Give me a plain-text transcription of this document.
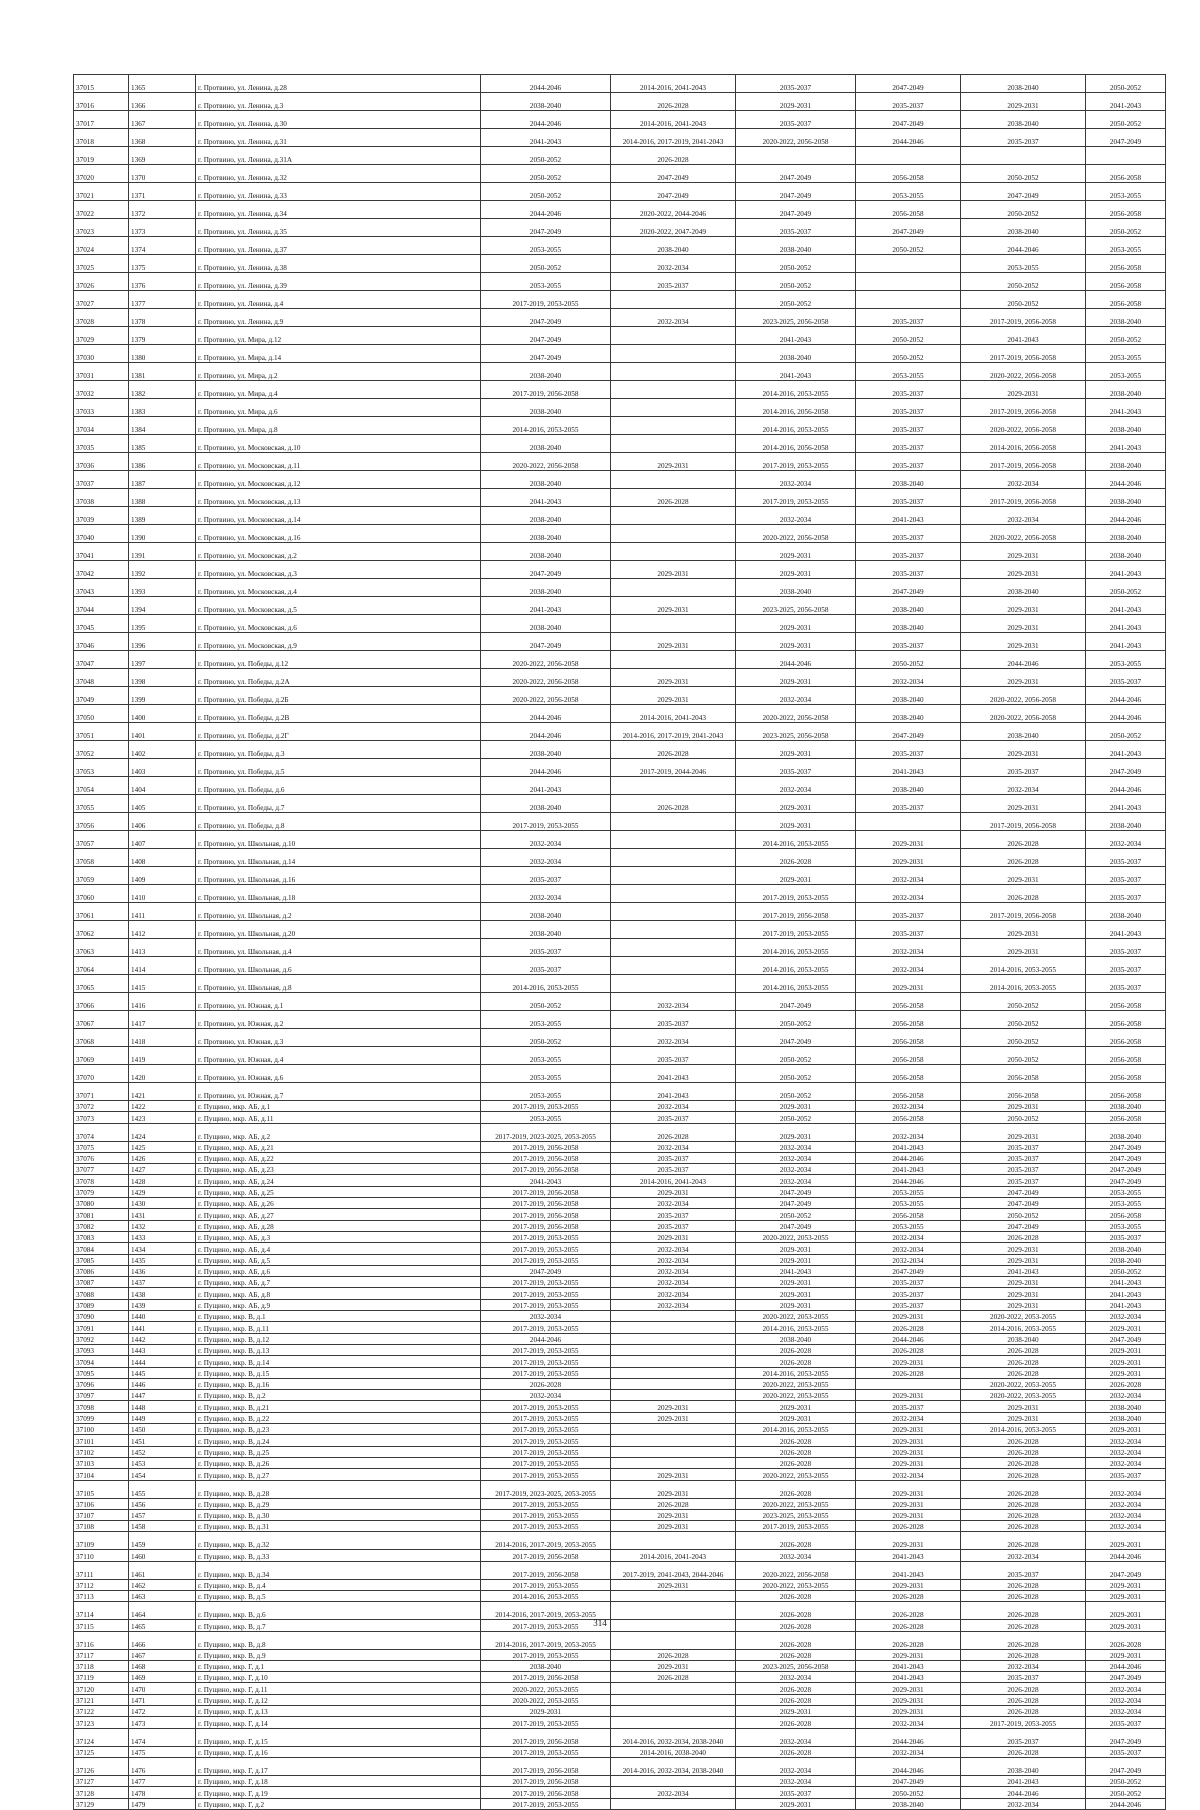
37015	1365	г. Протвино, ул. Ленина, д.28	2044-2046	2014-2016, 2041-2043	2035-2037	2047-2049	2038-2040	2050-2052
37016	1366	г. Протвино, ул. Ленина, д.3	2038-2040	2026-2028	2029-2031	2035-2037	2029-2031	2041-2043
37017	1367	г. Протвино, ул. Ленина, д.30	2044-2046	2014-2016, 2041-2043	2035-2037	2047-2049	2038-2040	2050-2052
37018	1368	г. Протвино, ул. Ленина, д.31	2041-2043	2014-2016, 2017-2019, 2041-2043	2020-2022, 2056-2058	2044-2046	2035-2037	2047-2049
37019	1369	г. Протвино, ул. Ленина, д.31А	2050-2052	2026-2028				
37020	1370	г. Протвино, ул. Ленина, д.32	2050-2052	2047-2049	2047-2049	2056-2058	2050-2052	2056-2058
37021	1371	г. Протвино, ул. Ленина, д.33	2050-2052	2047-2049	2047-2049	2053-2055	2047-2049	2053-2055
37022	1372	г. Протвино, ул. Ленина, д.34	2044-2046	2020-2022, 2044-2046	2047-2049	2056-2058	2050-2052	2056-2058
37023	1373	г. Протвино, ул. Ленина, д.35	2047-2049	2020-2022, 2047-2049	2035-2037	2047-2049	2038-2040	2050-2052
37024	1374	г. Протвино, ул. Ленина, д.37	2053-2055	2038-2040	2038-2040	2050-2052	2044-2046	2053-2055
37025	1375	г. Протвино, ул. Ленина, д.38	2050-2052	2032-2034	2050-2052		2053-2055	2056-2058
37026	1376	г. Протвино, ул. Ленина, д.39	2053-2055	2035-2037	2050-2052		2050-2052	2056-2058
37027	1377	г. Протвино, ул. Ленина, д.4	2017-2019, 2053-2055		2050-2052		2050-2052	2056-2058
37028	1378	г. Протвино, ул. Ленина, д.9	2047-2049	2032-2034	2023-2025, 2056-2058	2035-2037	2017-2019, 2056-2058	2038-2040
37029	1379	г. Протвино, ул. Мира, д.12	2047-2049		2041-2043	2050-2052	2041-2043	2050-2052
37030	1380	г. Протвино, ул. Мира, д.14	2047-2049		2038-2040	2050-2052	2017-2019, 2056-2058	2053-2055
37031	1381	г. Протвино, ул. Мира, д.2	2038-2040		2041-2043	2053-2055	2020-2022, 2056-2058	2053-2055
37032	1382	г. Протвино, ул. Мира, д.4	2017-2019, 2056-2058		2014-2016, 2053-2055	2035-2037	2029-2031	2038-2040
37033	1383	г. Протвино, ул. Мира, д.6	2038-2040		2014-2016, 2056-2058	2035-2037	2017-2019, 2056-2058	2041-2043
37034	1384	г. Протвино, ул. Мира, д.8	2014-2016, 2053-2055		2014-2016, 2053-2055	2035-2037	2020-2022, 2056-2058	2038-2040
37035	1385	г. Протвино, ул. Московская, д.10	2038-2040		2014-2016, 2056-2058	2035-2037	2014-2016, 2056-2058	2041-2043
37036	1386	г. Протвино, ул. Московская, д.11	2020-2022, 2056-2058	2029-2031	2017-2019, 2053-2055	2035-2037	2017-2019, 2056-2058	2038-2040
37037	1387	г. Протвино, ул. Московская, д.12	2038-2040		2032-2034	2038-2040	2032-2034	2044-2046
37038	1388	г. Протвино, ул. Московская, д.13	2041-2043	2026-2028	2017-2019, 2053-2055	2035-2037	2017-2019, 2056-2058	2038-2040
37039	1389	г. Протвино, ул. Московская, д.14	2038-2040		2032-2034	2041-2043	2032-2034	2044-2046
37040	1390	г. Протвино, ул. Московская, д.16	2038-2040		2020-2022, 2056-2058	2035-2037	2020-2022, 2056-2058	2038-2040
37041	1391	г. Протвино, ул. Московская, д.2	2038-2040		2029-2031	2035-2037	2029-2031	2038-2040
37042	1392	г. Протвино, ул. Московская, д.3	2047-2049	2029-2031	2029-2031	2035-2037	2029-2031	2041-2043
37043	1393	г. Протвино, ул. Московская, д.4	2038-2040		2038-2040	2047-2049	2038-2040	2050-2052
37044	1394	г. Протвино, ул. Московская, д.5	2041-2043	2029-2031	2023-2025, 2056-2058	2038-2040	2029-2031	2041-2043
37045	1395	г. Протвино, ул. Московская, д.6	2038-2040		2029-2031	2038-2040	2029-2031	2041-2043
37046	1396	г. Протвино, ул. Московская, д.9	2047-2049	2029-2031	2029-2031	2035-2037	2029-2031	2041-2043
37047	1397	г. Протвино, ул. Победы, д.12	2020-2022, 2056-2058		2044-2046	2050-2052	2044-2046	2053-2055
37048	1398	г. Протвино, ул. Победы, д.2А	2020-2022, 2056-2058	2029-2031	2029-2031	2032-2034	2029-2031	2035-2037
37049	1399	г. Протвино, ул. Победы, д.2Б	2020-2022, 2056-2058	2029-2031	2032-2034	2038-2040	2020-2022, 2056-2058	2044-2046
37050	1400	г. Протвино, ул. Победы, д.2В	2044-2046	2014-2016, 2041-2043	2020-2022, 2056-2058	2038-2040	2020-2022, 2056-2058	2044-2046
37051	1401	г. Протвино, ул. Победы, д.2Г	2044-2046	2014-2016, 2017-2019, 2041-2043	2023-2025, 2056-2058	2047-2049	2038-2040	2050-2052
37052	1402	г. Протвино, ул. Победы, д.3	2038-2040	2026-2028	2029-2031	2035-2037	2029-2031	2041-2043
37053	1403	г. Протвино, ул. Победы, д.5	2044-2046	2017-2019, 2044-2046	2035-2037	2041-2043	2035-2037	2047-2049
37054	1404	г. Протвино, ул. Победы, д.6	2041-2043		2032-2034	2038-2040	2032-2034	2044-2046
37055	1405	г. Протвино, ул. Победы, д.7	2038-2040	2026-2028	2029-2031	2035-2037	2029-2031	2041-2043
37056	1406	г. Протвино, ул. Победы, д.8	2017-2019, 2053-2055		2029-2031		2017-2019, 2056-2058	2038-2040
37057	1407	г. Протвино, ул. Школьная, д.10	2032-2034		2014-2016, 2053-2055	2029-2031	2026-2028	2032-2034
37058	1408	г. Протвино, ул. Школьная, д.14	2032-2034		2026-2028	2029-2031	2026-2028	2035-2037
37059	1409	г. Протвино, ул. Школьная, д.16	2035-2037		2029-2031	2032-2034	2029-2031	2035-2037
37060	1410	г. Протвино, ул. Школьная, д.18	2032-2034		2017-2019, 2053-2055	2032-2034	2026-2028	2035-2037
37061	1411	г. Протвино, ул. Школьная, д.2	2038-2040		2017-2019, 2056-2058	2035-2037	2017-2019, 2056-2058	2038-2040
37062	1412	г. Протвино, ул. Школьная, д.20	2038-2040		2017-2019, 2053-2055	2035-2037	2029-2031	2041-2043
37063	1413	г. Протвино, ул. Школьная, д.4	2035-2037		2014-2016, 2053-2055	2032-2034	2029-2031	2035-2037
37064	1414	г. Протвино, ул. Школьная, д.6	2035-2037		2014-2016, 2053-2055	2032-2034	2014-2016, 2053-2055	2035-2037
37065	1415	г. Протвино, ул. Школьная, д.8	2014-2016, 2053-2055		2014-2016, 2053-2055	2029-2031	2014-2016, 2053-2055	2035-2037
37066	1416	г. Протвино, ул. Южная, д.1	2050-2052	2032-2034	2047-2049	2056-2058	2050-2052	2056-2058
37067	1417	г. Протвино, ул. Южная, д.2	2053-2055	2035-2037	2050-2052	2056-2058	2050-2052	2056-2058
37068	1418	г. Протвино, ул. Южная, д.3	2050-2052	2032-2034	2047-2049	2056-2058	2050-2052	2056-2058
37069	1419	г. Протвино, ул. Южная, д.4	2053-2055	2035-2037	2050-2052	2056-2058	2050-2052	2056-2058
37070	1420	г. Протвино, ул. Южная, д.6	2053-2055	2041-2043	2050-2052	2056-2058	2056-2058	2056-2058
37071	1421	г. Протвино, ул. Южная, д.7	2053-2055	2041-2043	2050-2052	2056-2058	2056-2058	2056-2058
37072	1422	г. Пущино, мкр. АБ, д.1	2017-2019, 2053-2055	2032-2034	2029-2031	2032-2034	2029-2031	2038-2040
37073	1423	г. Пущино, мкр. АБ, д.11	2053-2055	2035-2037	2050-2052	2056-2058	2050-2052	2056-2058
37074	1424	г. Пущино, мкр. АБ, д.2	2017-2019, 2023-2025, 2053-2055	2026-2028	2029-2031	2032-2034	2029-2031	2038-2040
37075	1425	г. Пущино, мкр. АБ, д.21	2017-2019, 2056-2058	2032-2034	2032-2034	2041-2043	2035-2037	2047-2049
37076	1426	г. Пущино, мкр. АБ, д.22	2017-2019, 2056-2058	2035-2037	2032-2034	2044-2046	2035-2037	2047-2049
37077	1427	г. Пущино, мкр. АБ, д.23	2017-2019, 2056-2058	2035-2037	2032-2034	2041-2043	2035-2037	2047-2049
37078	1428	г. Пущино, мкр. АБ, д.24	2041-2043	2014-2016, 2041-2043	2032-2034	2044-2046	2035-2037	2047-2049
37079	1429	г. Пущино, мкр. АБ, д.25	2017-2019, 2056-2058	2029-2031	2047-2049	2053-2055	2047-2049	2053-2055
37080	1430	г. Пущино, мкр. АБ, д.26	2017-2019, 2056-2058	2032-2034	2047-2049	2053-2055	2047-2049	2053-2055
37081	1431	г. Пущино, мкр. АБ, д.27	2017-2019, 2056-2058	2035-2037	2050-2052	2056-2058	2050-2052	2056-2058
37082	1432	г. Пущино, мкр. АБ, д.28	2017-2019, 2056-2058	2035-2037	2047-2049	2053-2055	2047-2049	2053-2055
37083	1433	г. Пущино, мкр. АБ, д.3	2017-2019, 2053-2055	2029-2031	2020-2022, 2053-2055	2032-2034	2026-2028	2035-2037
37084	1434	г. Пущино, мкр. АБ, д.4	2017-2019, 2053-2055	2032-2034	2029-2031	2032-2034	2029-2031	2038-2040
37085	1435	г. Пущино, мкр. АБ, д.5	2017-2019, 2053-2055	2032-2034	2029-2031	2032-2034	2029-2031	2038-2040
37086	1436	г. Пущино, мкр. АБ, д.6	2047-2049	2032-2034	2041-2043	2047-2049	2041-2043	2050-2052
37087	1437	г. Пущино, мкр. АБ, д.7	2017-2019, 2053-2055	2032-2034	2029-2031	2035-2037	2029-2031	2041-2043
37088	1438	г. Пущино, мкр. АБ, д.8	2017-2019, 2053-2055	2032-2034	2029-2031	2035-2037	2029-2031	2041-2043
37089	1439	г. Пущино, мкр. АБ, д.9	2017-2019, 2053-2055	2032-2034	2029-2031	2035-2037	2029-2031	2041-2043
37090	1440	г. Пущино, мкр. В, д.1	2032-2034		2020-2022, 2053-2055	2029-2031	2020-2022, 2053-2055	2032-2034
37091	1441	г. Пущино, мкр. В, д.11	2017-2019, 2053-2055		2014-2016, 2053-2055	2026-2028	2014-2016, 2053-2055	2029-2031
37092	1442	г. Пущино, мкр. В, д.12	2044-2046		2038-2040	2044-2046	2038-2040	2047-2049
37093	1443	г. Пущино, мкр. В, д.13	2017-2019, 2053-2055		2026-2028	2026-2028	2026-2028	2029-2031
37094	1444	г. Пущино, мкр. В, д.14	2017-2019, 2053-2055		2026-2028	2029-2031	2026-2028	2029-2031
37095	1445	г. Пущино, мкр. В, д.15	2017-2019, 2053-2055		2014-2016, 2053-2055	2026-2028	2026-2028	2029-2031
37096	1446	г. Пущино, мкр. В, д.16	2026-2028		2020-2022, 2053-2055		2020-2022, 2053-2055	2026-2028
37097	1447	г. Пущино, мкр. В, д.2	2032-2034		2020-2022, 2053-2055	2029-2031	2020-2022, 2053-2055	2032-2034
37098	1448	г. Пущино, мкр. В, д.21	2017-2019, 2053-2055	2029-2031	2029-2031	2035-2037	2029-2031	2038-2040
37099	1449	г. Пущино, мкр. В, д.22	2017-2019, 2053-2055	2029-2031	2029-2031	2032-2034	2029-2031	2038-2040
37100	1450	г. Пущино, мкр. В, д.23	2017-2019, 2053-2055		2014-2016, 2053-2055	2029-2031	2014-2016, 2053-2055	2029-2031
37101	1451	г. Пущино, мкр. В, д.24	2017-2019, 2053-2055		2026-2028	2029-2031	2026-2028	2032-2034
37102	1452	г. Пущино, мкр. В, д.25	2017-2019, 2053-2055		2026-2028	2029-2031	2026-2028	2032-2034
37103	1453	г. Пущино, мкр. В, д.26	2017-2019, 2053-2055		2026-2028	2029-2031	2026-2028	2032-2034
37104	1454	г. Пущино, мкр. В, д.27	2017-2019, 2053-2055	2029-2031	2020-2022, 2053-2055	2032-2034	2026-2028	2035-2037
37105	1455	г. Пущино, мкр. В, д.28	2017-2019, 2023-2025, 2053-2055	2029-2031	2026-2028	2029-2031	2026-2028	2032-2034
37106	1456	г. Пущино, мкр. В, д.29	2017-2019, 2053-2055	2026-2028	2020-2022, 2053-2055	2029-2031	2026-2028	2032-2034
37107	1457	г. Пущино, мкр. В, д.30	2017-2019, 2053-2055	2029-2031	2023-2025, 2053-2055	2029-2031	2026-2028	2032-2034
37108	1458	г. Пущино, мкр. В, д.31	2017-2019, 2053-2055	2029-2031	2017-2019, 2053-2055	2026-2028	2026-2028	2032-2034
37109	1459	г. Пущино, мкр. В, д.32	2014-2016, 2017-2019, 2053-2055		2026-2028	2029-2031	2026-2028	2029-2031
37110	1460	г. Пущино, мкр. В, д.33	2017-2019, 2056-2058	2014-2016, 2041-2043	2032-2034	2041-2043	2032-2034	2044-2046
37111	1461	г. Пущино, мкр. В, д.34	2017-2019, 2056-2058	2017-2019, 2041-2043, 2044-2046	2020-2022, 2056-2058	2041-2043	2035-2037	2047-2049
37112	1462	г. Пущино, мкр. В, д.4	2017-2019, 2053-2055	2029-2031	2020-2022, 2053-2055	2029-2031	2026-2028	2029-2031
37113	1463	г. Пущино, мкр. В, д.5	2014-2016, 2053-2055		2026-2028	2026-2028	2026-2028	2029-2031
37114	1464	г. Пущино, мкр. В, д.6	2014-2016, 2017-2019, 2053-2055		2026-2028	2026-2028	2026-2028	2029-2031
37115	1465	г. Пущино, мкр. В, д.7	2017-2019, 2053-2055		2026-2028	2026-2028	2026-2028	2029-2031
37116	1466	г. Пущино, мкр. В, д.8	2014-2016, 2017-2019, 2053-2055		2026-2028	2026-2028	2026-2028	2026-2028
37117	1467	г. Пущино, мкр. В, д.9	2017-2019, 2053-2055	2026-2028	2026-2028	2029-2031	2026-2028	2029-2031
37118	1468	г. Пущино, мкр. Г, д.1	2038-2040	2029-2031	2023-2025, 2056-2058	2041-2043	2032-2034	2044-2046
37119	1469	г. Пущино, мкр. Г, д.10	2017-2019, 2056-2058	2026-2028	2032-2034	2041-2043	2035-2037	2047-2049
37120	1470	г. Пущино, мкр. Г, д.11	2020-2022, 2053-2055		2026-2028	2029-2031	2026-2028	2032-2034
37121	1471	г. Пущино, мкр. Г, д.12	2020-2022, 2053-2055		2026-2028	2029-2031	2026-2028	2032-2034
37122	1472	г. Пущино, мкр. Г, д.13	2029-2031		2029-2031	2029-2031	2026-2028	2032-2034
37123	1473	г. Пущино, мкр. Г, д.14	2017-2019, 2053-2055		2026-2028	2032-2034	2017-2019, 2053-2055	2035-2037
37124	1474	г. Пущино, мкр. Г, д.15	2017-2019, 2056-2058	2014-2016, 2032-2034, 2038-2040	2032-2034	2044-2046	2035-2037	2047-2049
37125	1475	г. Пущино, мкр. Г, д.16	2017-2019, 2053-2055	2014-2016, 2038-2040	2026-2028	2032-2034	2026-2028	2035-2037
37126	1476	г. Пущино, мкр. Г, д.17	2017-2019, 2056-2058	2014-2016, 2032-2034, 2038-2040	2032-2034	2044-2046	2038-2040	2047-2049
37127	1477	г. Пущино, мкр. Г, д.18	2017-2019, 2056-2058		2032-2034	2047-2049	2041-2043	2050-2052
37128	1478	г. Пущино, мкр. Г, д.19	2017-2019, 2056-2058	2032-2034	2035-2037	2050-2052	2044-2046	2050-2052
37129	1479	г. Пущино, мкр. Г, д.2	2017-2019, 2053-2055		2029-2031	2038-2040	2032-2034	2044-2046
314
